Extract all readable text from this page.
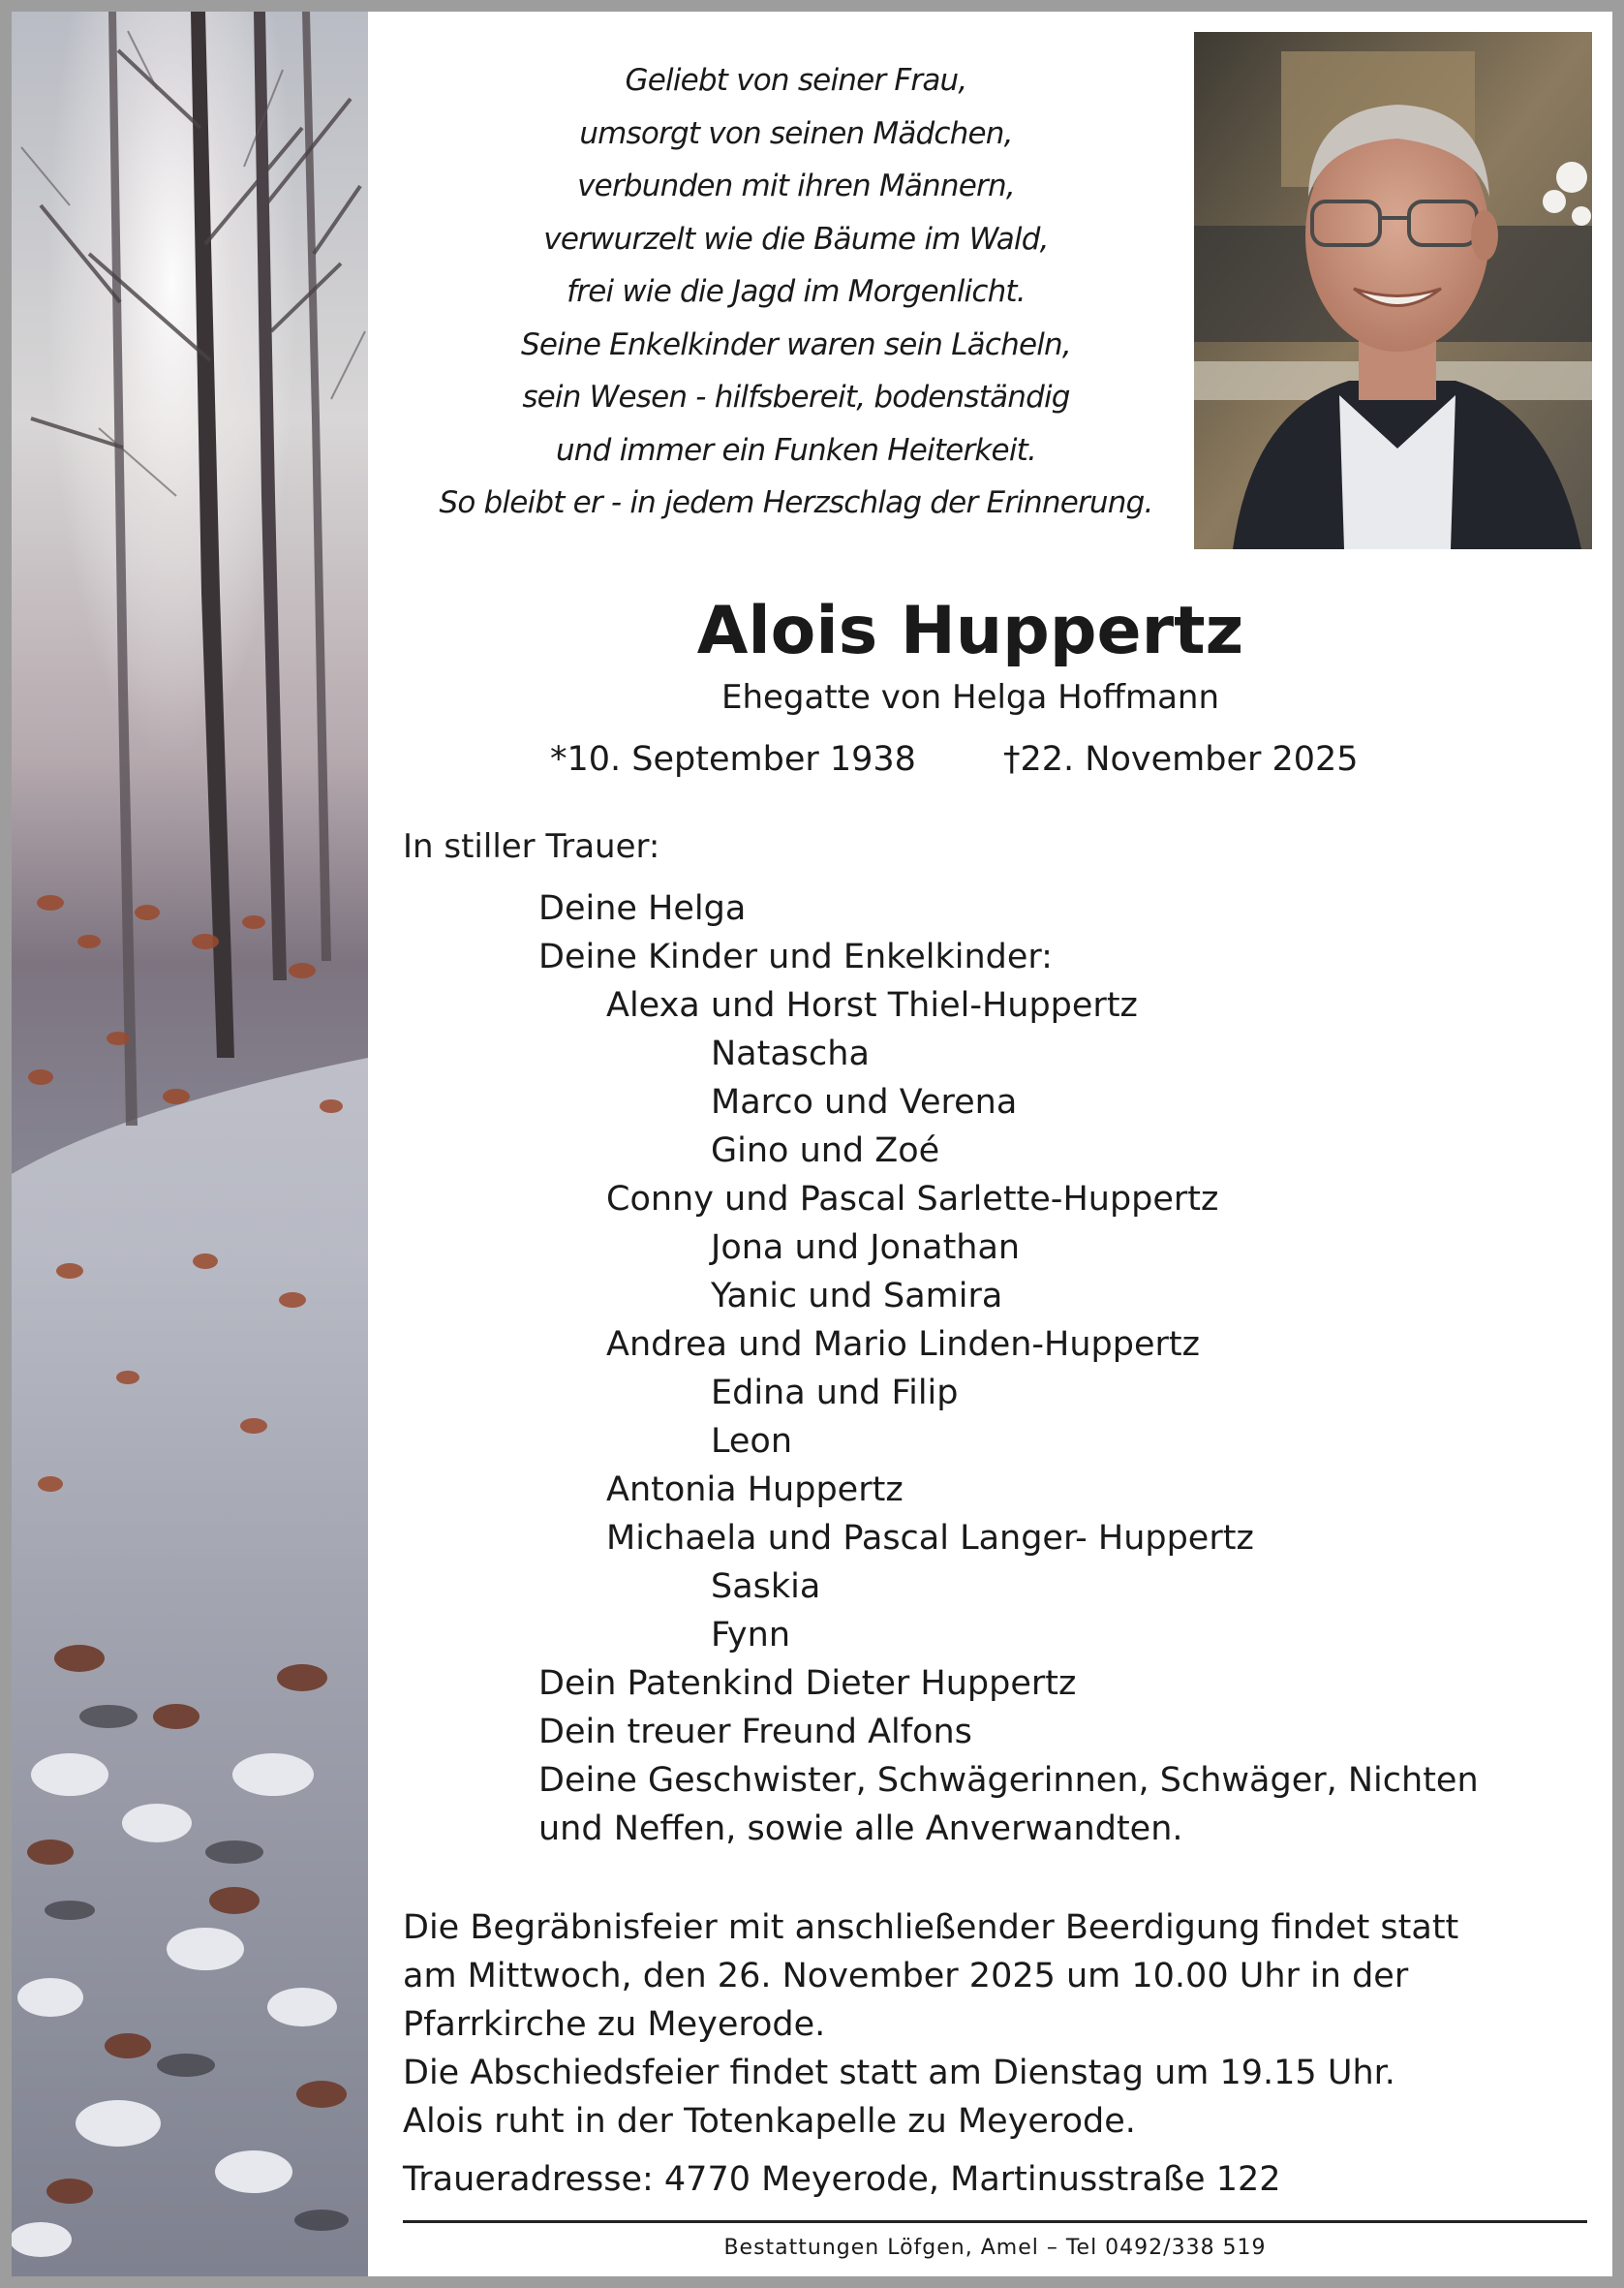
Geliebt von seiner Frau,
umsorgt von seinen Mädchen,
verbunden mit ihren Männern,
verwurzelt wie die Bäume im Wald,
frei wie die Jagd im Morgenlicht.
Seine Enkelkinder waren sein Lächeln,
sein Wesen - hilfsbereit, bodenständig
und immer ein Funken Heiterkeit.
So bleibt er - in jedem Herzschlag der Erinnerung.
Alois Huppertz
Ehegatte von Helga Hoffmann
*10. September 1938	†22. November 2025
In stiller Trauer:
Deine Helga
Deine Kinder und Enkelkinder:
Alexa und Horst Thiel-Huppertz
Natascha
Marco und Verena
Gino und Zoé
Conny und Pascal Sarlette-Huppertz
Jona und Jonathan
Yanic und Samira
Andrea und Mario Linden-Huppertz
Edina und Filip
Leon
Antonia Huppertz
Michaela und Pascal Langer- Huppertz
Saskia
Fynn
Dein Patenkind Dieter Huppertz
Dein treuer Freund Alfons
Deine Geschwister, Schwägerinnen, Schwäger, Nichten
und Neffen, sowie alle Anverwandten.
Die Begräbnisfeier mit anschließender Beerdigung findet statt
am Mittwoch, den 26. November 2025 um 10.00 Uhr in der
Pfarrkirche zu Meyerode.
Die Abschiedsfeier findet statt am Dienstag um 19.15 Uhr.
Alois ruht in der Totenkapelle zu Meyerode.
Traueradresse: 4770 Meyerode, Martinusstraße 122
Bestattungen Löfgen, Amel – Tel 0492/338 519
